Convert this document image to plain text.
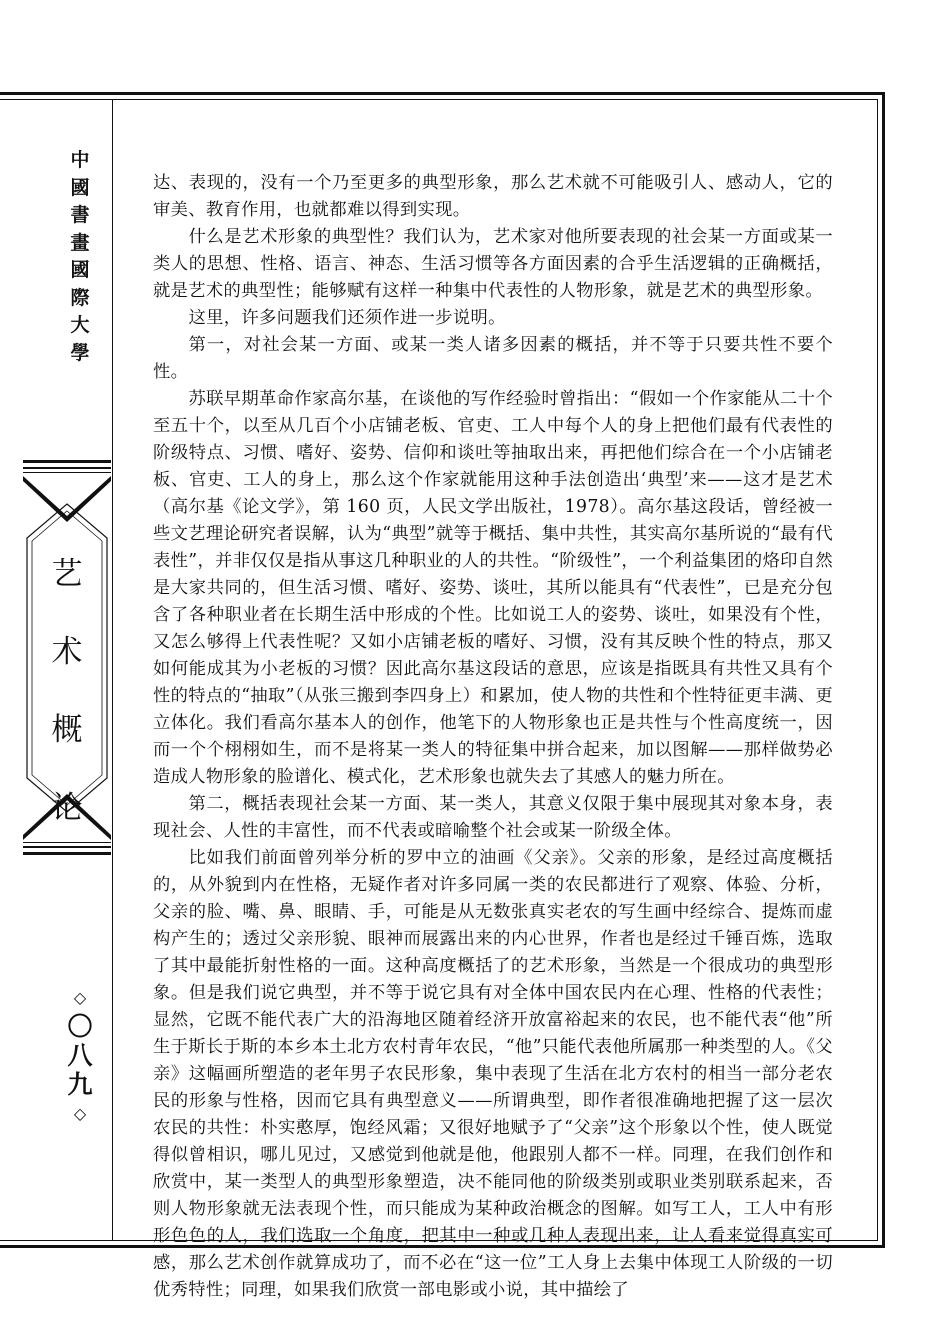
中
國
書
畫
國
際
大
學
艺
术
概
论
◇
〇
八
九
◇

达、表现的，没有一个乃至更多的典型形象，那么艺术就不可能吸引人、感动人，它的审美、教育作用，也就都难以得到实现。

什么是艺术形象的典型性？我们认为，艺术家对他所要表现的社会某一方面或某一类人的思想、性格、语言、神态、生活习惯等各方面因素的合乎生活逻辑的正确概括，就是艺术的典型性；能够赋有这样一种集中代表性的人物形象，就是艺术的典型形象。

这里，许多问题我们还须作进一步说明。

第一，对社会某一方面、或某一类人诸多因素的概括，并不等于只要共性不要个性。

苏联早期革命作家高尔基，在谈他的写作经验时曾指出：“假如一个作家能从二十个至五十个，以至从几百个小店铺老板、官吏、工人中每个人的身上把他们最有代表性的阶级特点、习惯、嗜好、姿势、信仰和谈吐等抽取出来，再把他们综合在一个小店铺老板、官吏、工人的身上，那么这个作家就能用这种手法创造出‘典型’来——这才是艺术（高尔基《论文学》，第 160 页，人民文学出版社，1978）。高尔基这段话，曾经被一些文艺理论研究者误解，认为“典型”就等于概括、集中共性，其实高尔基所说的“最有代表性”，并非仅仅是指从事这几种职业的人的共性。“阶级性”，一个利益集团的烙印自然是大家共同的，但生活习惯、嗜好、姿势、谈吐，其所以能具有“代表性”，已是充分包含了各种职业者在长期生活中形成的个性。比如说工人的姿势、谈吐，如果没有个性，又怎么够得上代表性呢？又如小店铺老板的嗜好、习惯，没有其反映个性的特点，那又如何能成其为小老板的习惯？因此高尔基这段话的意思，应该是指既具有共性又具有个性的特点的“抽取”（从张三搬到李四身上）和累加，使人物的共性和个性特征更丰满、更立体化。我们看高尔基本人的创作，他笔下的人物形象也正是共性与个性高度统一，因而一个个栩栩如生，而不是将某一类人的特征集中拼合起来，加以图解——那样做势必造成人物形象的脸谱化、模式化，艺术形象也就失去了其感人的魅力所在。

第二，概括表现社会某一方面、某一类人，其意义仅限于集中展现其对象本身，表现社会、人性的丰富性，而不代表或暗喻整个社会或某一阶级全体。

比如我们前面曾列举分析的罗中立的油画《父亲》。父亲的形象，是经过高度概括的，从外貌到内在性格，无疑作者对许多同属一类的农民都进行了观察、体验、分析，父亲的脸、嘴、鼻、眼睛、手，可能是从无数张真实老农的写生画中经综合、提炼而虚构产生的；透过父亲形貌、眼神而展露出来的内心世界，作者也是经过千锤百炼，选取了其中最能折射性格的一面。这种高度概括了的艺术形象，当然是一个很成功的典型形象。但是我们说它典型，并不等于说它具有对全体中国农民内在心理、性格的代表性；显然，它既不能代表广大的沿海地区随着经济开放富裕起来的农民，也不能代表“他”所生于斯长于斯的本乡本土北方农村青年农民，“他”只能代表他所属那一种类型的人。《父亲》这幅画所塑造的老年男子农民形象，集中表现了生活在北方农村的相当一部分老农民的形象与性格，因而它具有典型意义——所谓典型，即作者很准确地把握了这一层次农民的共性：朴实憨厚，饱经风霜；又很好地赋予了“父亲”这个形象以个性，使人既觉得似曾相识，哪儿见过，又感觉到他就是他，他跟别人都不一样。同理，在我们创作和欣赏中，某一类型人的典型形象塑造，决不能同他的阶级类别或职业类别联系起来，否则人物形象就无法表现个性，而只能成为某种政治概念的图解。如写工人，工人中有形形色色的人，我们选取一个角度，把其中一种或几种人表现出来，让人看来觉得真实可感，那么艺术创作就算成功了，而不必在“这一位”工人身上去集中体现工人阶级的一切优秀特性；同理，如果我们欣赏一部电影或小说，其中描绘了
